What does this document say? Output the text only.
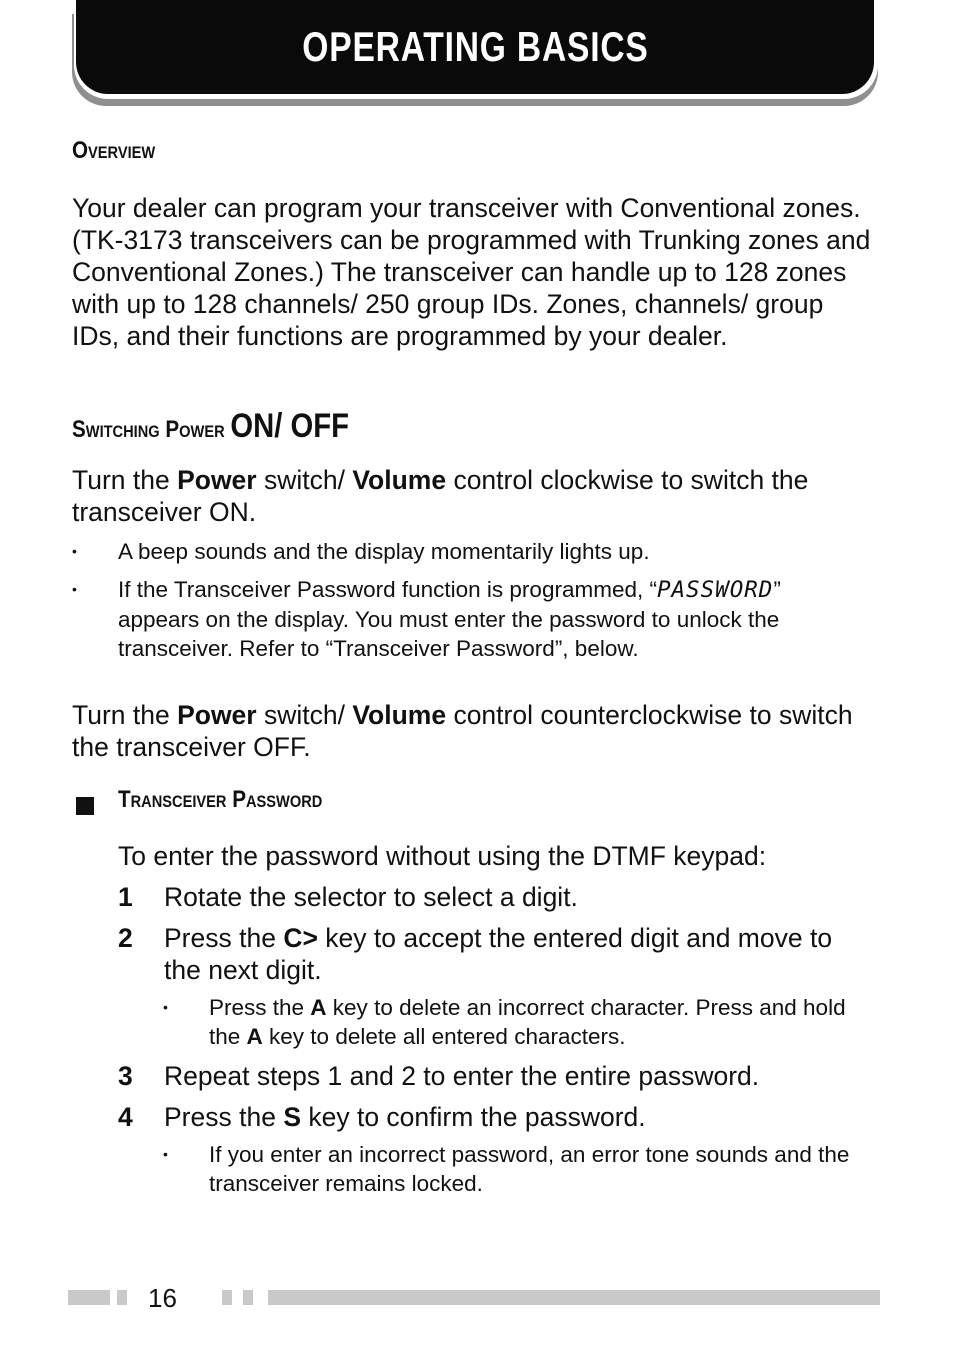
OPERATING BASICS
Overview

Your dealer can program your transceiver with Conventional zones. (TK-3173 transceivers can be programmed with Trunking zones and Conventional Zones.) The transceiver can handle up to 128 zones with up to 128 channels/ 250 group IDs. Zones, channels/ group IDs, and their functions are programmed by your dealer.

Switching Power ON/ OFF

Turn the Power switch/ Volume control clockwise to switch the transceiver ON.

• A beep sounds and the display momentarily lights up.
• If the Transceiver Password function is programmed, “PASSWORD” appears on the display. You must enter the password to unlock the transceiver. Refer to “Transceiver Password”, below.

Turn the Power switch/ Volume control counterclockwise to switch the transceiver OFF.

Transceiver Password

To enter the password without using the DTMF keypad:

1 Rotate the selector to select a digit.
2 Press the C> key to accept the entered digit and move to the next digit.
• Press the A key to delete an incorrect character. Press and hold the A key to delete all entered characters.
3 Repeat steps 1 and 2 to enter the entire password.
4 Press the S key to confirm the password.
• If you enter an incorrect password, an error tone sounds and the transceiver remains locked.
16
